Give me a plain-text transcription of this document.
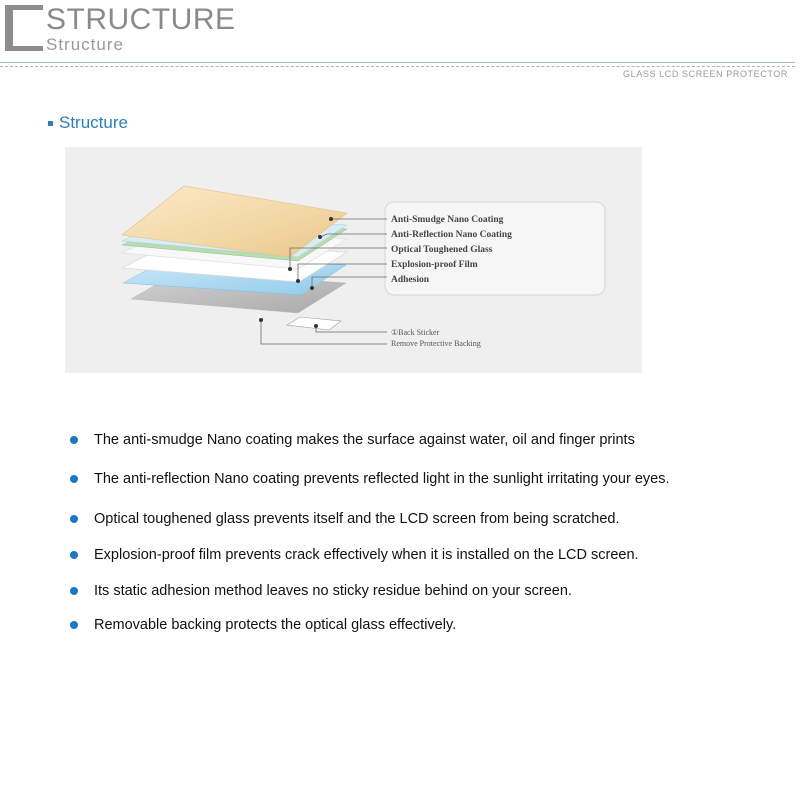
STRUCTURE
Structure
GLASS LCD SCREEN PROTECTOR
Structure
Anti-Smudge Nano Coating
Anti-Reflection Nano Coating
Optical Toughened Glass
Explosion-proof Film
Adhesion
①Back Sticker
Remove Protective Backing
The anti-smudge Nano coating makes the surface against water, oil and finger prints
The anti-reflection Nano coating prevents reflected light in the sunlight irritating your eyes.
Optical toughened glass prevents itself and the LCD screen from being scratched.
Explosion-proof film prevents crack effectively when it is installed on the LCD screen.
Its static adhesion method leaves no sticky residue behind on your screen.
Removable backing protects the optical glass effectively.
